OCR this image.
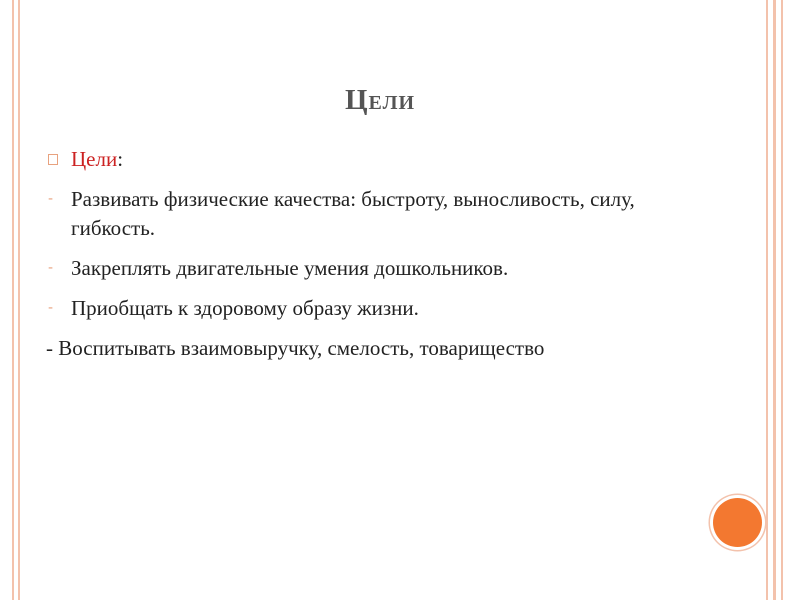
Цели
Цели:
- Развивать физические качества: быстроту, выносливость, силу, гибкость.
- Закреплять двигательные умения дошкольников.
- Приобщать к здоровому образу жизни.
- Воспитывать взаимовыручку, смелость, товарищество
